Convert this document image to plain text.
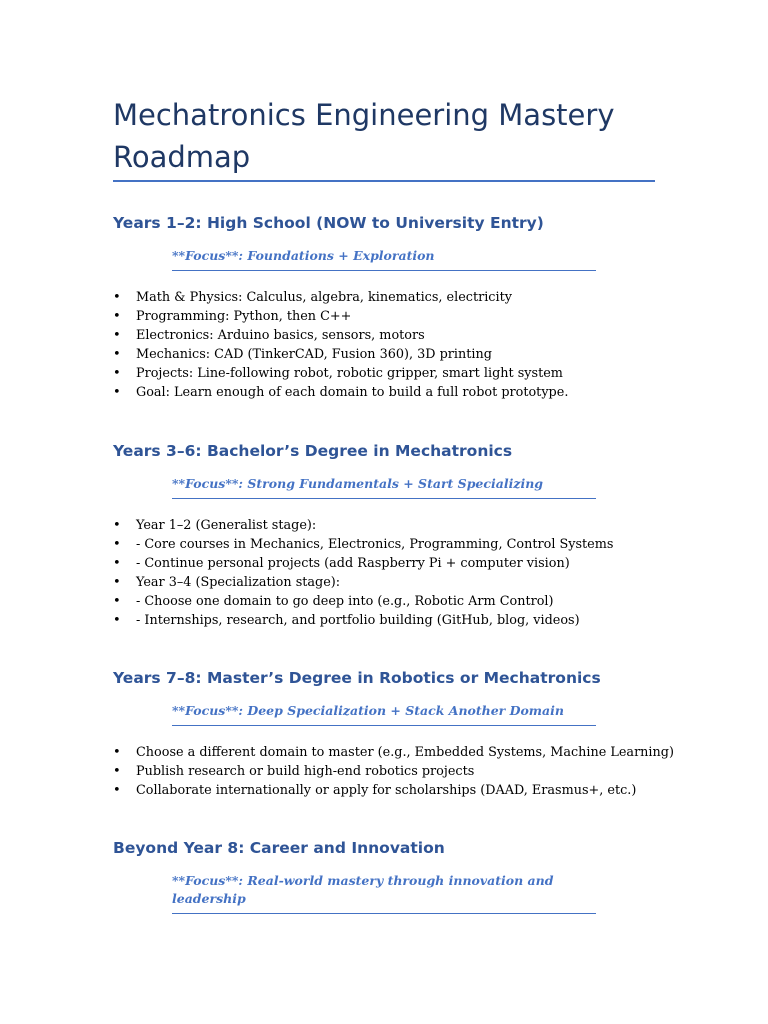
Mechatronics Engineering Mastery Roadmap
Years 1–2: High School (NOW to University Entry)
**Focus**: Foundations + Exploration
• Math & Physics: Calculus, algebra, kinematics, electricity
• Programming: Python, then C++
• Electronics: Arduino basics, sensors, motors
• Mechanics: CAD (TinkerCAD, Fusion 360), 3D printing
• Projects: Line-following robot, robotic gripper, smart light system
• Goal: Learn enough of each domain to build a full robot prototype.
Years 3–6: Bachelor’s Degree in Mechatronics
**Focus**: Strong Fundamentals + Start Specializing
• Year 1–2 (Generalist stage):
• - Core courses in Mechanics, Electronics, Programming, Control Systems
• - Continue personal projects (add Raspberry Pi + computer vision)
• Year 3–4 (Specialization stage):
• - Choose one domain to go deep into (e.g., Robotic Arm Control)
• - Internships, research, and portfolio building (GitHub, blog, videos)
Years 7–8: Master’s Degree in Robotics or Mechatronics
**Focus**: Deep Specialization + Stack Another Domain
• Choose a different domain to master (e.g., Embedded Systems, Machine Learning)
• Publish research or build high-end robotics projects
• Collaborate internationally or apply for scholarships (DAAD, Erasmus+, etc.)
Beyond Year 8: Career and Innovation
**Focus**: Real-world mastery through innovation and leadership
